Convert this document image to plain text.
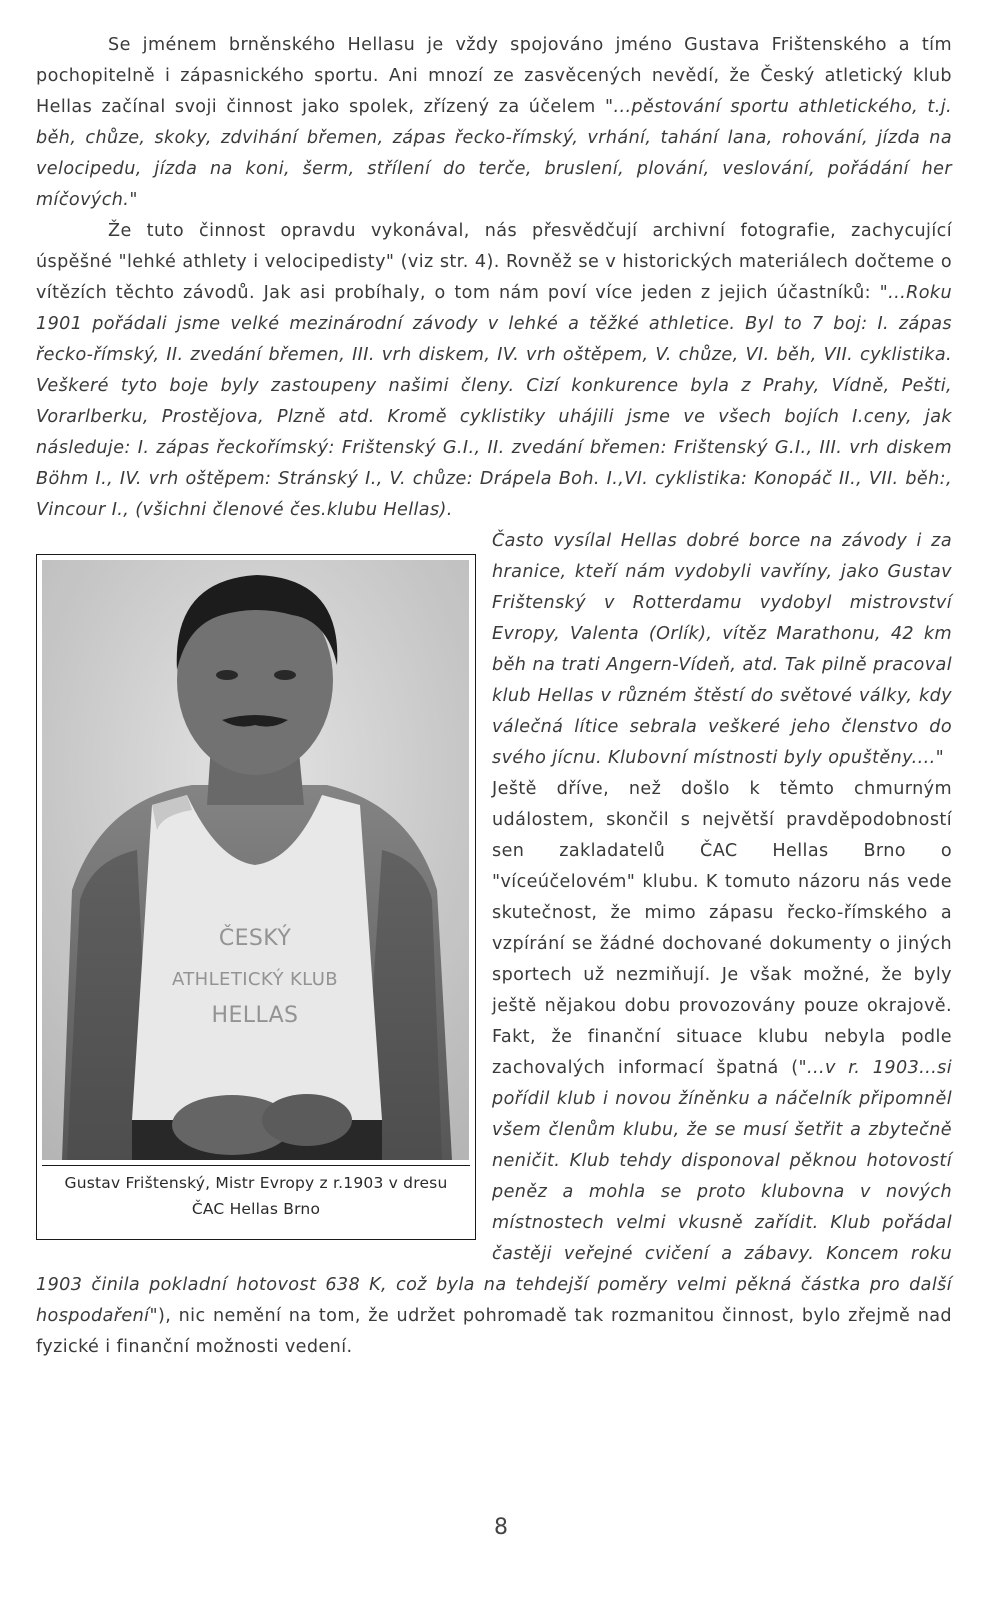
Se jménem brněnského Hellasu je vždy spojováno jméno Gustava Frištenského a tím pochopitelně i zápasnického sportu. Ani mnozí ze zasvěcených nevědí, že Český atletický klub Hellas začínal svoji činnost jako spolek, zřízený za účelem "...pěstování sportu athletického, t.j. běh, chůze, skoky, zdvihání břemen, zápas řecko-římský, vrhání, tahání lana, rohování, jízda na velocipedu, jízda na koni, šerm, střílení do terče, bruslení, plování, veslování, pořádání her míčových."

Že tuto činnost opravdu vykonával, nás přesvědčují archivní fotografie, zachycující úspěšné "lehké athlety i velocipedisty" (viz str. 4). Rovněž se v historických materiálech dočteme o vítězích těchto závodů. Jak asi probíhaly, o tom nám poví více jeden z jejich účastníků: "...Roku 1901 pořádali jsme velké mezinárodní závody v lehké a těžké athletice. Byl to 7 boj: I. zápas řecko-římský, II. zvedání břemen, III. vrh diskem, IV. vrh oštěpem, V. chůze, VI. běh, VII. cyklistika. Veškeré tyto boje byly zastoupeny našimi členy. Cizí konkurence byla z Prahy, Vídně, Pešti, Vorarlberku, Prostějova, Plzně atd. Kromě cyklistiky uhájili jsme ve všech bojích I.ceny, jak následuje: I. zápas řeckořímský: Frištenský G.I., II. zvedání břemen: Frištenský G.I., III. vrh diskem Böhm I., IV. vrh oštěpem: Stránský I., V. chůze: Drápela Boh. I.,VI. cyklistika: Konopáč II., VII. běh:, Vincour I., (všichni členové čes.klubu Hellas).

ČESKÝ
ATHLETICKÝ KLUB
HELLAS
Gustav Frištenský, Mistr Evropy z r.1903 v dresu
ČAC Hellas Brno

Často vysílal Hellas dobré borce na závody i za hranice, kteří nám vydobyli vavříny, jako Gustav Frištenský v Rotterdamu vydobyl mistrovství Evropy, Valenta (Orlík), vítěz Marathonu, 42 km běh na trati Angern-Vídeň, atd. Tak pilně pracoval klub Hellas v různém štěstí do světové války, kdy válečná lítice sebrala veškeré jeho členstvo do svého jícnu. Klubovní místnosti byly opuštěny...."

Ještě dříve, než došlo k těmto chmurným událostem, skončil s největší pravděpodobností sen zakladatelů ČAC Hellas Brno o "víceúčelovém" klubu. K tomuto názoru nás vede skutečnost, že mimo zápasu řecko-římského a vzpírání se žádné dochované dokumenty o jiných sportech už nezmiňují. Je však možné, že byly ještě nějakou dobu provozovány pouze okrajově. Fakt, že finanční situace klubu nebyla podle zachovalých informací špatná ("...v r. 1903...si pořídil klub i novou žíněnku a náčelník připomněl všem členům klubu, že se musí šetřit a zbytečně neničit. Klub tehdy disponoval pěknou hotovostí peněz a mohla se proto klubovna v nových místnostech velmi vkusně zařídit. Klub pořádal častěji veřejné cvičení a zábavy. Koncem roku 1903 činila pokladní hotovost 638 K, což byla na tehdejší poměry velmi pěkná částka pro další hospodaření"), nic nemění na tom, že udržet pohromadě tak rozmanitou činnost, bylo zřejmě nad fyzické i finanční možnosti vedení.

8
